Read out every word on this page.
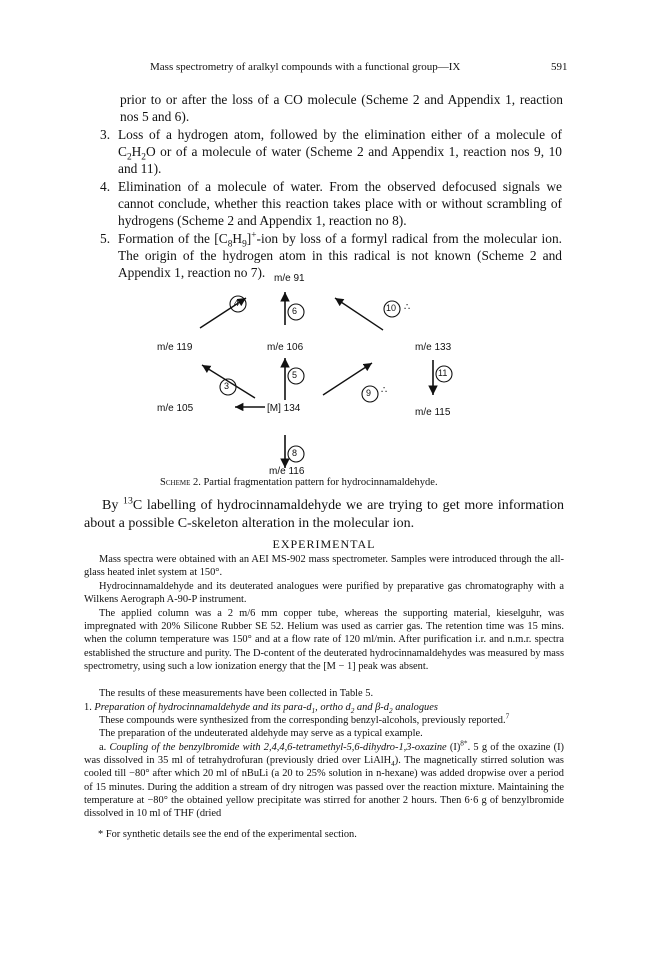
Mass spectrometry of aralkyl compounds with a functional group—IX	591
prior to or after the loss of a CO molecule (Scheme 2 and Appendix 1, reaction nos 5 and 6).
3. Loss of a hydrogen atom, followed by the elimination either of a molecule of $C_2H_2O$ or of a molecule of water (Scheme 2 and Appendix 1, reaction nos 9, 10 and 11).
4. Elimination of a molecule of water. From the observed defocused signals we cannot conclude, whether this reaction takes place with or without scrambling of hydrogens (Scheme 2 and Appendix 1, reaction no 8).
5. Formation of the $[C_8H_9]^+$-ion by loss of a formyl radical from the molecular ion. The origin of the hydrogen atom in this radical is not known (Scheme 2 and Appendix 1, reaction no 7). m/e 91
m/e 119	m/e 106	m/e 133
m/e 105	[M] 134	m/e 115
m/e 116
4
6	10
3
5
9
11
8
∴
∴
Scheme 2. Partial fragmentation pattern for hydrocinnamaldehyde.
By $^{13}$C labelling of hydrocinnamaldehyde we are trying to get more information about a possible C-skeleton alteration in the molecular ion.
EXPERIMENTAL
Mass spectra were obtained with an AEI MS-902 mass spectrometer. Samples were introduced through the all-glass heated inlet system at 150°.
Hydrocinnamaldehyde and its deuterated analogues were purified by preparative gas chromatography with a Wilkens Aerograph A-90-P instrument.
The applied column was a 2 m/6 mm copper tube, whereas the supporting material, kieselguhr, was impregnated with 20% Silicone Rubber SE 52. Helium was used as carrier gas. The retention time was 15 mins. when the column temperature was 150° and at a flow rate of 120 ml/min. After purification i.r. and n.m.r. spectra established the structure and purity. The D-content of the deuterated hydrocinnamaldehydes was measured by mass spectrometry, using such a low ionization energy that the [M − 1] peak was absent.
The results of these measurements have been collected in Table 5.
1. Preparation of hydrocinnamaldehyde and its para-$d_1$, ortho $d_2$ and $\beta-d_2$ analogues
These compounds were synthesized from the corresponding benzyl-alcohols, previously reported.$^7$
The preparation of the undeuterated aldehyde may serve as a typical example.
a. Coupling of the benzylbromide with 2,4,4,6-tetramethyl-5,6-dihydro-1,3-oxazine $(I)^{8*}$. 5 g of the oxazine (I) was dissolved in 35 ml of tetrahydrofuran (previously dried over LiAlH$_4$). The magnetically stirred solution was cooled till −80° after which 20 ml of nBuLi (a 20 to 25% solution in n-hexane) was added dropwise over a period of 15 minutes. During the addition a stream of dry nitrogen was passed over the reaction mixture. Maintaining the temperature at −80° the obtained yellow precipitate was stirred for another 2 hours. Then 6·6 g of benzylbromide dissolved in 10 ml of THF (dried
* For synthetic details see the end of the experimental section.
